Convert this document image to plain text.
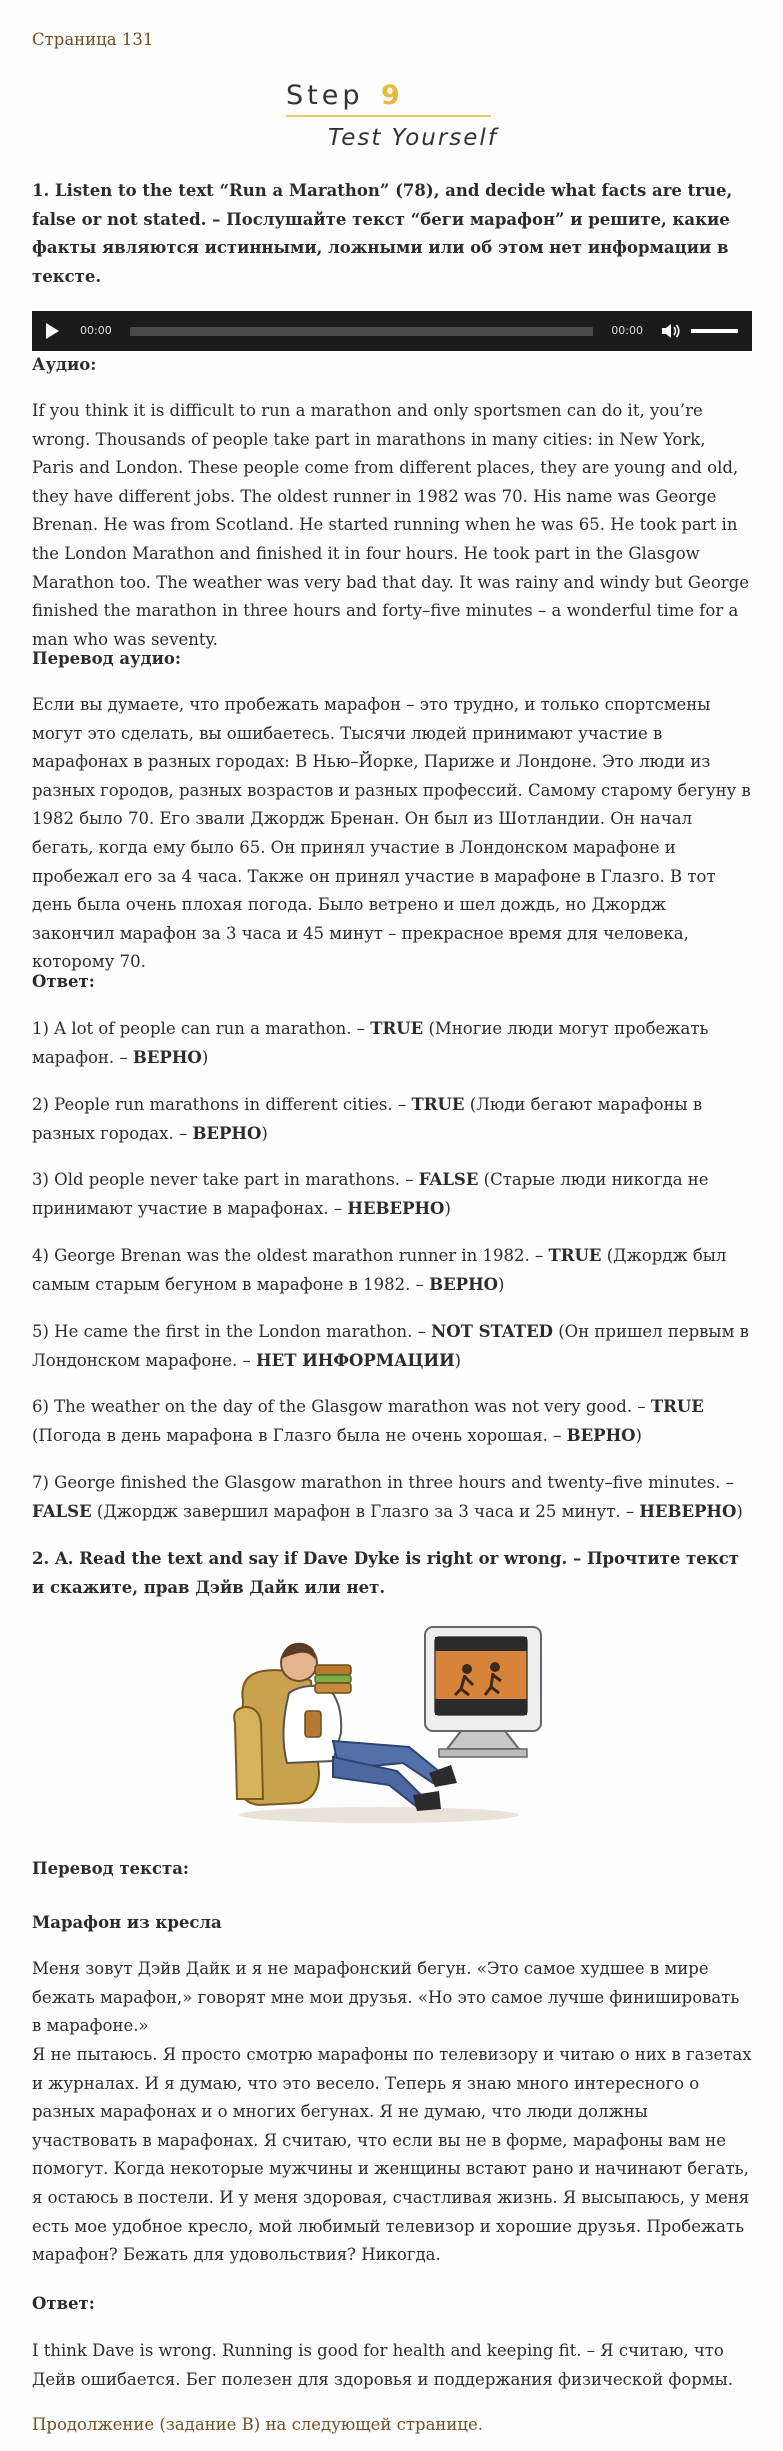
Страница 131
Step 9
Test Yourself

1. Listen to the text “Run a Marathon” (78), and decide what facts are true, false or not stated. – Послушайте текст “беги марафон” и решите, какие факты являются истинными, ложными или об этом нет информации в тексте.

00:00	00:00

Аудио:

If you think it is difficult to run a marathon and only sportsmen can do it, you’re wrong. Thousands of people take part in marathons in many cities: in New York, Paris and London. These people come from different places, they are young and old, they have different jobs. The oldest runner in 1982 was 70. His name was George Brenan. He was from Scotland. He started running when he was 65. He took part in the London Marathon and finished it in four hours. He took part in the Glasgow Marathon too. The weather was very bad that day. It was rainy and windy but George finished the marathon in three hours and forty–five minutes – a wonderful time for a man who was seventy.

Перевод аудио:

Если вы думаете, что пробежать марафон – это трудно, и только спортсмены могут это сделать, вы ошибаетесь. Тысячи людей принимают участие в марафонах в разных городах: В Нью–Йорке, Париже и Лондоне. Это люди из разных городов, разных возрастов и разных профессий. Самому старому бегуну в 1982 было 70. Его звали Джордж Бренан. Он был из Шотландии. Он начал бегать, когда ему было 65. Он принял участие в Лондонском марафоне и пробежал его за 4 часа. Также он принял участие в марафоне в Глазго. В тот день была очень плохая погода. Было ветрено и шел дождь, но Джордж закончил марафон за 3 часа и 45 минут – прекрасное время для человека, которому 70.

Ответ:

1) A lot of people can run a marathon. – TRUE (Многие люди могут пробежать марафон. – ВЕРНО)

2) People run marathons in different cities. – TRUE (Люди бегают марафоны в разных городах. – ВЕРНО)

3) Old people never take part in marathons. – FALSE (Старые люди никогда не принимают участие в марафонах. – НЕВЕРНО)

4) George Brenan was the oldest marathon runner in 1982. – TRUE (Джордж был самым старым бегуном в марафоне в 1982. – ВЕРНО)

5) He came the first in the London marathon. – NOT STATED (Он пришел первым в Лондонском марафоне. – НЕТ ИНФОРМАЦИИ)

6) The weather on the day of the Glasgow marathon was not very good. – TRUE (Погода в день марафона в Глазго была не очень хорошая. – ВЕРНО)

7) George finished the Glasgow marathon in three hours and twenty–five minutes. – FALSE (Джордж завершил марафон в Глазго за 3 часа и 25 минут. – НЕВЕРНО)

2. A. Read the text and say if Dave Dyke is right or wrong. – Прочтите текст и скажите, прав Дэйв Дайк или нет.

Перевод текста:

Марафон из кресла

Меня зовут Дэйв Дайк и я не марафонский бегун. «Это самое худшее в мире бежать марафон,» говорят мне мои друзья. «Но это самое лучше финишировать в марафоне.»

Я не пытаюсь. Я просто смотрю марафоны по телевизору и читаю о них в газетах и журналах. И я думаю, что это весело. Теперь я знаю много интересного о разных марафонах и о многих бегунах. Я не думаю, что люди должны участвовать в марафонах. Я считаю, что если вы не в форме, марафоны вам не помогут. Когда некоторые мужчины и женщины встают рано и начинают бегать, я остаюсь в постели. И у меня здоровая, счастливая жизнь. Я высыпаюсь, у меня есть мое удобное кресло, мой любимый телевизор и хорошие друзья. Пробежать марафон? Бежать для удовольствия? Никогда.

Ответ:

I think Dave is wrong. Running is good for health and keeping fit. – Я считаю, что Дейв ошибается. Бег полезен для здоровья и поддержания физической формы.

Продолжение (задание В) на следующей странице.
